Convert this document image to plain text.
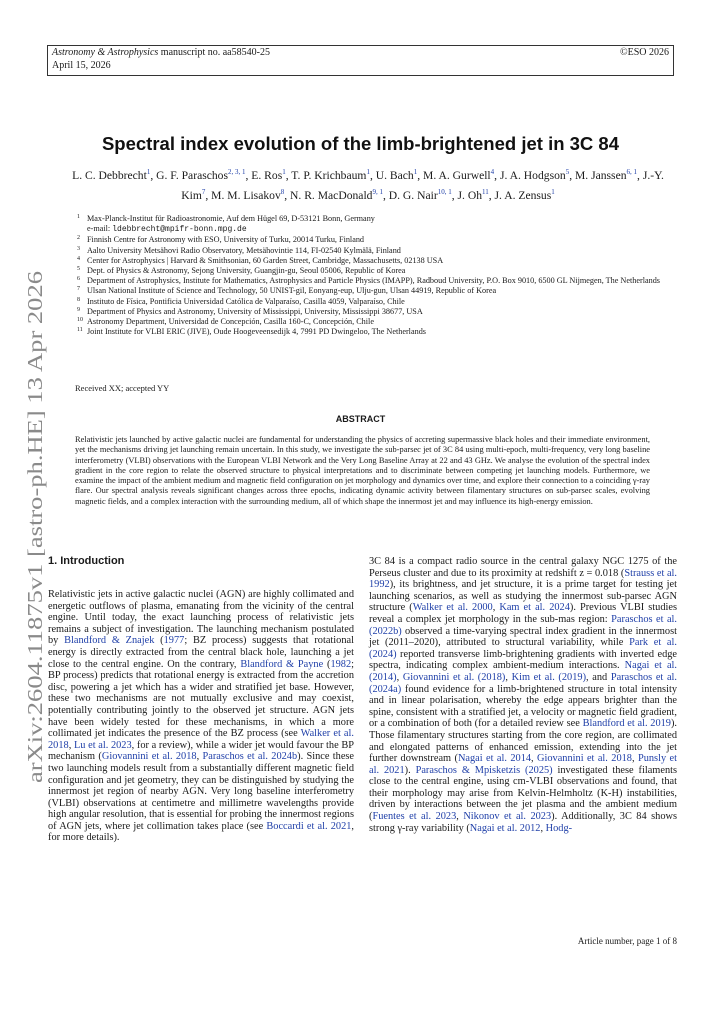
Astronomy & Astrophysics manuscript no. aa58540-25
April 15, 2026
©ESO 2026
arXiv:2604.11875v1 [astro-ph.HE] 13 Apr 2026
Spectral index evolution of the limb-brightened jet in 3C 84
L. C. Debbrecht$^1$, G. F. Paraschos$^{2, 3, 1}$, E. Ros$^1$, T. P. Krichbaum$^1$, U. Bach$^1$, M. A. Gurwell$^4$, J. A. Hodgson$^5$, M. Janssen$^{6, 1}$, J.-Y. Kim$^7$, M. M. Lisakov$^8$, N. R. MacDonald$^{9, 1}$, D. G. Nair$^{10, 1}$, J. Oh$^{11}$, J. A. Zensus$^1$
1 Max-Planck-Institut für Radioastronomie, Auf dem Hügel 69, D-53121 Bonn, Germany
e-mail: ldebbrecht@mpifr-bonn.mpg.de
2 Finnish Centre for Astronomy with ESO, University of Turku, 20014 Turku, Finland
3 Aalto University Metsähovi Radio Observatory, Metsähovintie 114, FI-02540 Kylmälä, Finland
4 Center for Astrophysics | Harvard & Smithsonian, 60 Garden Street, Cambridge, Massachusetts, 02138 USA
5 Dept. of Physics & Astronomy, Sejong University, Guangjin-gu, Seoul 05006, Republic of Korea
6 Department of Astrophysics, Institute for Mathematics, Astrophysics and Particle Physics (IMAPP), Radboud University, P.O. Box 9010, 6500 GL Nijmegen, The Netherlands
7 Ulsan National Institute of Science and Technology, 50 UNIST-gil, Eonyang-eup, Ulju-gun, Ulsan 44919, Republic of Korea
8 Instituto de Física, Pontificia Universidad Católica de Valparaíso, Casilla 4059, Valparaíso, Chile
9 Department of Physics and Astronomy, University of Mississippi, University, Mississippi 38677, USA
10 Astronomy Department, Universidad de Concepción, Casilla 160-C, Concepción, Chile
11 Joint Institute for VLBI ERIC (JIVE), Oude Hoogeveensedijk 4, 7991 PD Dwingeloo, The Netherlands
Received XX; accepted YY
ABSTRACT
Relativistic jets launched by active galactic nuclei are fundamental for understanding the physics of accreting supermassive black holes and their immediate environment, yet the mechanisms driving jet launching remain uncertain. In this study, we investigate the sub-parsec jet of 3C 84 using multi-epoch, multi-frequency, very long baseline interferometry (VLBI) observations with the European VLBI Network and the Very Long Baseline Array at 22 and 43 GHz. We analyse the evolution of the spectral index gradient in the core region to relate the observed structure to physical interpretations and to discriminate between competing jet launching models. Furthermore, we examine the impact of the ambient medium and magnetic field configuration on jet morphology and dynamics over time, and explore their connection to a coinciding γ-ray flare. Our spectral analysis reveals significant changes across three epochs, indicating dynamic activity between filamentary structures on sub-parsec scales, evolving magnetic fields, and a complex interaction with the surrounding medium, all of which shape the innermost jet and may influence its high-energy emission.
1. Introduction
Relativistic jets in active galactic nuclei (AGN) are highly collimated and energetic outflows of plasma, emanating from the vicinity of the central engine. Until today, the exact launching process of relativistic jets remains a subject of investigation. The launching mechanism postulated by Blandford & Znajek (1977; BZ process) suggests that rotational energy is directly extracted from the central black hole, launching a jet close to the central engine. On the contrary, Blandford & Payne (1982; BP process) predicts that rotational energy is extracted from the accretion disc, powering a jet which has a wider and stratified jet base. However, these two mechanisms are not mutually exclusive and may coexist, potentially contributing jointly to the observed jet structure. AGN jets have been widely tested for these mechanisms, in which a more collimated jet indicates the presence of the BZ process (see Walker et al. 2018, Lu et al. 2023, for a review), while a wider jet would favour the BP mechanism (Giovannini et al. 2018, Paraschos et al. 2024b). Since these two launching models result from a substantially different magnetic field configuration and jet geometry, they can be distinguished by studying the innermost jet region of nearby AGN. Very long baseline interferometry (VLBI) observations at centimetre and millimetre wavelengths provide high angular resolution, that is essential for probing the innermost regions of AGN jets, where jet collimation takes place (see Boccardi et al. 2021, for more details).
3C 84 is a compact radio source in the central galaxy NGC 1275 of the Perseus cluster and due to its proximity at redshift z = 0.018 (Strauss et al. 1992), its brightness, and jet structure, it is a prime target for testing jet launching scenarios, as well as studying the innermost sub-parsec AGN structure (Walker et al. 2000, Kam et al. 2024). Previous VLBI studies reveal a complex jet morphology in the sub-mas region: Paraschos et al. (2022b) observed a time-varying spectral index gradient in the innermost jet (2011–2020), attributed to structural variability, while Park et al. (2024) reported transverse limb-brightening gradients with inverted edge spectra, indicating complex ambient-medium interactions. Nagai et al. (2014), Giovannini et al. (2018), Kim et al. (2019), and Paraschos et al. (2024a) found evidence for a limb-brightened structure in total intensity and in linear polarisation, whereby the edge appears brighter than the spine, consistent with a stratified jet, a velocity or magnetic field gradient, or a combination of both (for a detailed review see Blandford et al. 2019). Those filamentary structures starting from the core region, are collimated and elongated patterns of enhanced emission, extending into the jet further downstream (Nagai et al. 2014, Giovannini et al. 2018, Punsly et al. 2021). Paraschos & Mpisketzis (2025) investigated these filaments close to the central engine, using cm-VLBI observations and found, that their morphology may arise from Kelvin-Helmholtz (K-H) instabilities, driven by interactions between the jet plasma and the ambient medium (Fuentes et al. 2023, Nikonov et al. 2023). Additionally, 3C 84 shows strong γ-ray variability (Nagai et al. 2012, Hodg-
Article number, page 1 of 8
